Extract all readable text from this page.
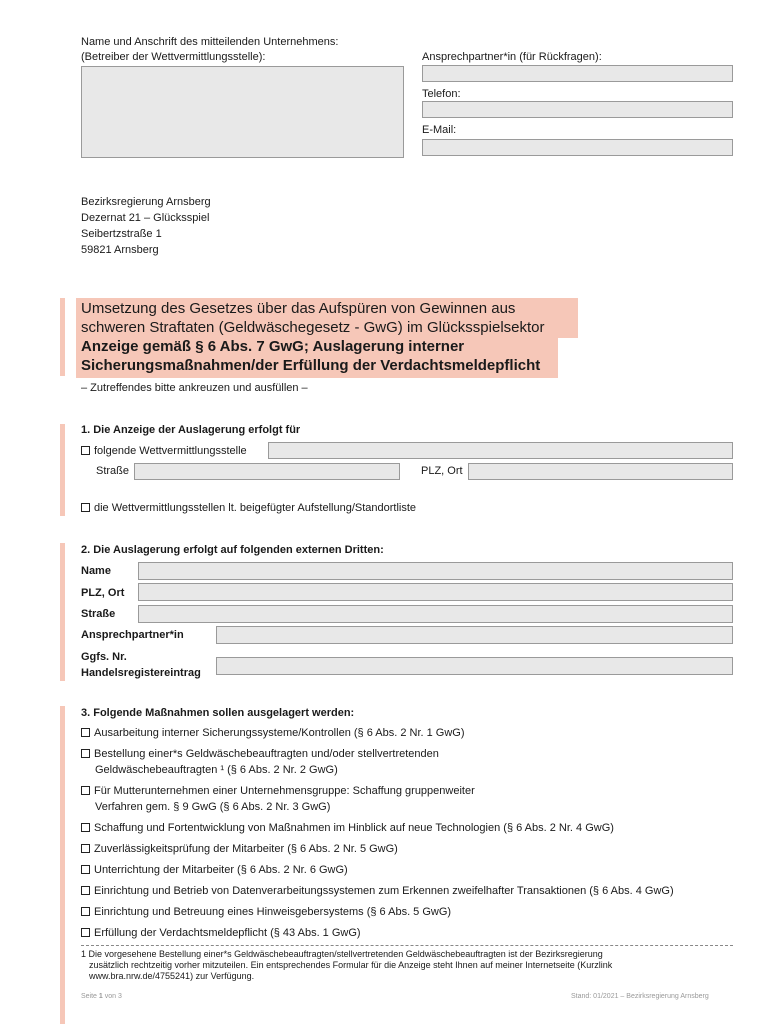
Name und Anschrift des mitteilenden Unternehmens:
(Betreiber der Wettvermittlungsstelle):	Ansprechpartner*in (für Rückfragen):
Telefon:
E-Mail:
Bezirksregierung Arnsberg
Dezernat 21 – Glücksspiel
Seibertzstraße 1
59821 Arnsberg
Umsetzung des Gesetzes über das Aufspüren von Gewinnen aus
schweren Straftaten (Geldwäschegesetz - GwG) im Glücksspielsektor
Anzeige gemäß § 6 Abs. 7 GwG; Auslagerung interner
Sicherungsmaßnahmen/der Erfüllung der Verdachtsmeldepflicht
– Zutreffendes bitte ankreuzen und ausfüllen –
1. Die Anzeige der Auslagerung erfolgt für
folgende Wettvermittlungsstelle
Straße	PLZ, Ort
die Wettvermittlungsstellen lt. beigefügter Aufstellung/Standortliste
2. Die Auslagerung erfolgt auf folgenden externen Dritten:
Name
PLZ, Ort
Straße
Ansprechpartner*in
Ggfs. Nr.
Handelsregistereintrag
3. Folgende Maßnahmen sollen ausgelagert werden:
Ausarbeitung interner Sicherungssysteme/Kontrollen (§ 6 Abs. 2 Nr. 1 GwG)
Bestellung einer*s Geldwäschebeauftragten und/oder stellvertretenden
Geldwäschebeauftragten ¹ (§ 6 Abs. 2 Nr. 2 GwG)
Für Mutterunternehmen einer Unternehmensgruppe: Schaffung gruppenweiter
Verfahren gem. § 9 GwG (§ 6 Abs. 2 Nr. 3 GwG)
Schaffung und Fortentwicklung von Maßnahmen im Hinblick auf neue Technologien (§ 6 Abs. 2 Nr. 4 GwG)
Zuverlässigkeitsprüfung der Mitarbeiter (§ 6 Abs. 2 Nr. 5 GwG)
Unterrichtung der Mitarbeiter (§ 6 Abs. 2 Nr. 6 GwG)
Einrichtung und Betrieb von Datenverarbeitungssystemen zum Erkennen zweifelhafter Transaktionen (§ 6 Abs. 4 GwG)
Einrichtung und Betreuung eines Hinweisgebersystems (§ 6 Abs. 5 GwG)
Erfüllung der Verdachtsmeldepflicht (§ 43 Abs. 1 GwG)
1 Die vorgesehene Bestellung einer*s Geldwäschebeauftragten/stellvertretenden Geldwäschebeauftragten ist der Bezirksregierung
zusätzlich rechtzeitig vorher mitzuteilen. Ein entsprechendes Formular für die Anzeige steht Ihnen auf meiner Internetseite (Kurzlink
www.bra.nrw.de/4755241) zur Verfügung.
Seite 1 von 3	Stand: 01/2021 – Bezirksregierung Arnsberg
